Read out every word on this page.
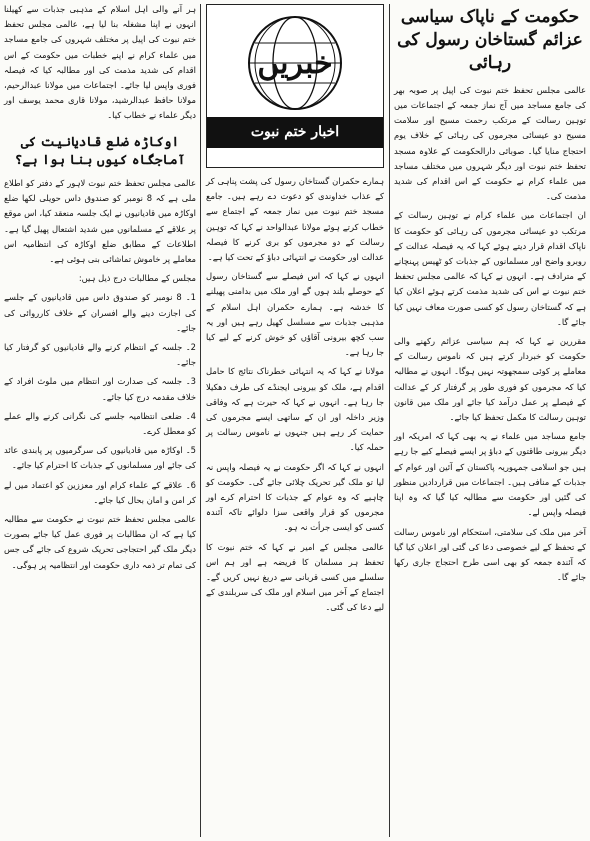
حکومت کے ناپاک سیاسی عزائم گستاخان رسول کی رہائی

عالمی مجلس تحفظ ختم نبوت کی اپیل پر صوبہ بھر کی جامع مساجد میں آج نماز جمعہ کے اجتماعات میں توہین رسالت کے مرتکب رحمت مسیح اور سلامت مسیح دو عیسائی مجرموں کی رہائی کے خلاف یوم احتجاج منایا گیا۔ صوبائی دارالحکومت کے علاوہ مسجد تحفظ ختم نبوت اور دیگر شہروں میں مختلف مساجد میں علماء کرام نے حکومت کے اس اقدام کی شدید مذمت کی۔

ان اجتماعات میں علماء کرام نے توہین رسالت کے مرتکب دو عیسائی مجرموں کی رہائی کو حکومت کا ناپاک اقدام قرار دیتے ہوئے کہا کہ یہ فیصلہ عدالت کے روبرو واضح اور مسلمانوں کے جذبات کو ٹھیس پہنچانے کے مترادف ہے۔ انہوں نے کہا کہ عالمی مجلس تحفظ ختم نبوت نے اس کی شدید مذمت کرتے ہوئے اعلان کیا ہے کہ گستاخان رسول کو کسی صورت معاف نہیں کیا جائے گا۔

مقررین نے کہا کہ ہم سیاسی عزائم رکھنے والی حکومت کو خبردار کرتے ہیں کہ ناموس رسالت کے معاملے پر کوئی سمجھوتہ نہیں ہوگا۔ انہوں نے مطالبہ کیا کہ مجرموں کو فوری طور پر گرفتار کر کے عدالت کے فیصلے پر عمل درآمد کیا جائے اور ملک میں قانون توہین رسالت کا مکمل تحفظ کیا جائے۔

جامع مساجد میں علماء نے یہ بھی کہا کہ امریکہ اور دیگر بیرونی طاقتوں کے دباؤ پر ایسے فیصلے کیے جا رہے ہیں جو اسلامی جمہوریہ پاکستان کے آئین اور عوام کے جذبات کے منافی ہیں۔ اجتماعات میں قراردادیں منظور کی گئیں اور حکومت سے مطالبہ کیا گیا کہ وہ اپنا فیصلہ واپس لے۔

آخر میں ملک کی سلامتی، استحکام اور ناموس رسالت کے تحفظ کے لیے خصوصی دعا کی گئی اور اعلان کیا گیا کہ آئندہ جمعہ کو بھی اسی طرح احتجاج جاری رکھا جائے گا۔

خبریں
اخبار ختم نبوت

ہمارے حکمران گستاخان رسول کی پشت پناہی کر کے عذاب خداوندی کو دعوت دے رہے ہیں۔ جامع مسجد ختم نبوت میں نماز جمعہ کے اجتماع سے خطاب کرتے ہوئے مولانا عبدالواحد نے کہا کہ توہین رسالت کے دو مجرموں کو بری کرنے کا فیصلہ عدالت اور حکومت نے انتہائی دباؤ کے تحت کیا ہے۔

انہوں نے کہا کہ اس فیصلے سے گستاخان رسول کے حوصلے بلند ہوں گے اور ملک میں بدامنی پھیلنے کا خدشہ ہے۔ ہمارے حکمران اہل اسلام کے مذہبی جذبات سے مسلسل کھیل رہے ہیں اور یہ سب کچھ بیرونی آقاؤں کو خوش کرنے کے لیے کیا جا رہا ہے۔

مولانا نے کہا کہ یہ انتہائی خطرناک نتائج کا حامل اقدام ہے، ملک کو بیرونی ایجنڈے کی طرف دھکیلا جا رہا ہے۔ انہوں نے کہا کہ حیرت ہے کہ وفاقی وزیر داخلہ اور ان کے ساتھی ایسے مجرموں کی حمایت کر رہے ہیں جنہوں نے ناموس رسالت پر حملہ کیا۔

انہوں نے کہا کہ اگر حکومت نے یہ فیصلہ واپس نہ لیا تو ملک گیر تحریک چلائی جائے گی۔ حکومت کو چاہیے کہ وہ عوام کے جذبات کا احترام کرے اور مجرموں کو قرار واقعی سزا دلوائے تاکہ آئندہ کسی کو ایسی جرأت نہ ہو۔

عالمی مجلس کے امیر نے کہا کہ ختم نبوت کا تحفظ ہر مسلمان کا فریضہ ہے اور ہم اس سلسلے میں کسی قربانی سے دریغ نہیں کریں گے۔ اجتماع کے آخر میں اسلام اور ملک کی سربلندی کے لیے دعا کی گئی۔

ہر آنے والی اہل اسلام کے مذہبی جذبات سے کھیلنا انہوں نے اپنا مشغلہ بنا لیا ہے، عالمی مجلس تحفظ ختم نبوت کی اپیل پر مختلف شہروں کی جامع مساجد میں علماء کرام نے اپنے خطبات میں حکومت کے اس اقدام کی شدید مذمت کی اور مطالبہ کیا کہ فیصلہ فوری واپس لیا جائے۔ اجتماعات میں مولانا عبدالرحیم، مولانا حافظ عبدالرشید، مولانا قاری محمد یوسف اور دیگر علماء نے خطاب کیا۔

اوکاڑہ ضلع قادیانیت کی آماجگاہ کیوں بنا ہوا ہے؟

عالمی مجلس تحفظ ختم نبوت لاہور کے دفتر کو اطلاع ملی ہے کہ 8 نومبر کو صندوق داس حویلی لکھا ضلع اوکاڑہ میں قادیانیوں نے ایک جلسہ منعقد کیا، اس موقع پر علاقے کے مسلمانوں میں شدید اشتعال پھیل گیا ہے۔ اطلاعات کے مطابق ضلع اوکاڑہ کی انتظامیہ اس معاملے پر خاموش تماشائی بنی ہوئی ہے۔

مجلس کے مطالبات درج ذیل ہیں:

1۔ 8 نومبر کو صندوق داس میں قادیانیوں کے جلسے کی اجازت دینے والے افسران کے خلاف کارروائی کی جائے۔

2۔ جلسہ کے انتظام کرنے والے قادیانیوں کو گرفتار کیا جائے۔

3۔ جلسہ کی صدارت اور انتظام میں ملوث افراد کے خلاف مقدمہ درج کیا جائے۔

4۔ ضلعی انتظامیہ جلسے کی نگرانی کرنے والے عملے کو معطل کرے۔

5۔ اوکاڑہ میں قادیانیوں کی سرگرمیوں پر پابندی عائد کی جائے اور مسلمانوں کے جذبات کا احترام کیا جائے۔

6۔ علاقے کے علماء کرام اور معززین کو اعتماد میں لے کر امن و امان بحال کیا جائے۔

عالمی مجلس تحفظ ختم نبوت نے حکومت سے مطالبہ کیا ہے کہ ان مطالبات پر فوری عمل کیا جائے بصورت دیگر ملک گیر احتجاجی تحریک شروع کی جائے گی جس کی تمام تر ذمہ داری حکومت اور انتظامیہ پر ہوگی۔
